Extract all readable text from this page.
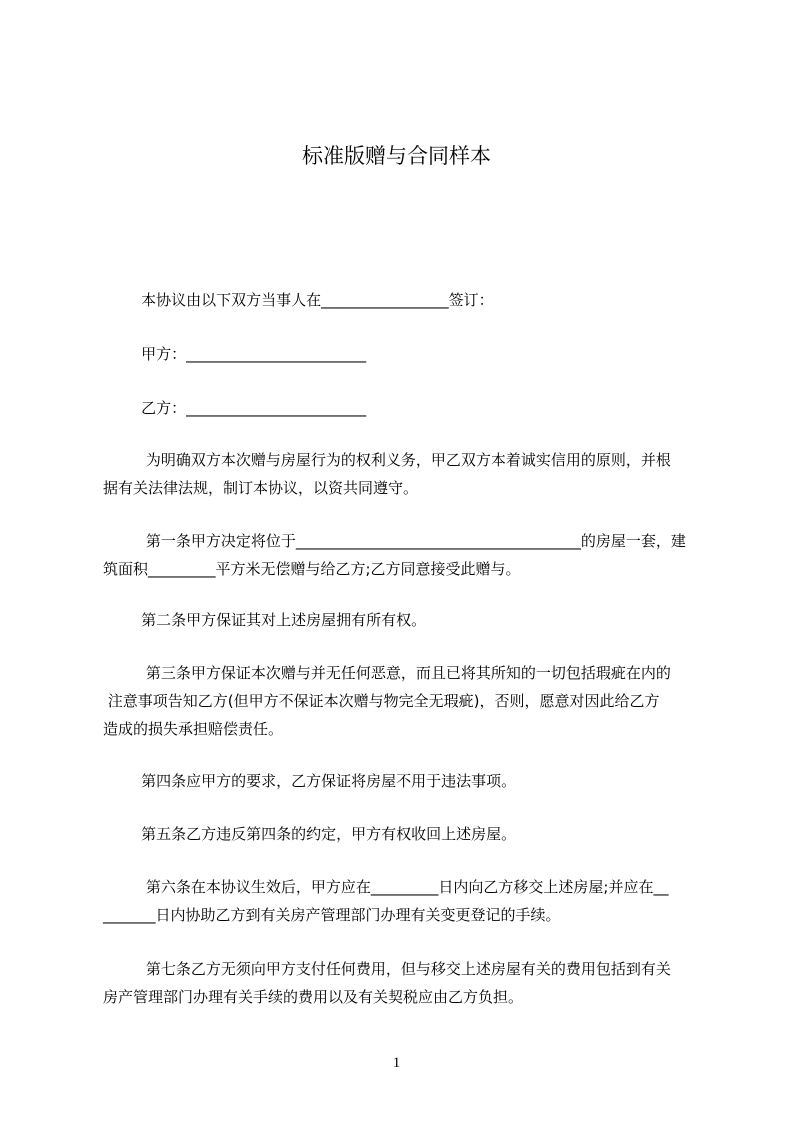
标准版赠与合同样本
本协议由以下双方当事人在_________________签订：
甲方：________________________
乙方：________________________
为明确双方本次赠与房屋行为的权利义务，甲乙双方本着诚实信用的原则，并根
据有关法律法规，制订本协议，以资共同遵守。
第一条甲方决定将位于______________________________________的房屋一套，建
筑面积_________平方米无偿赠与给乙方;乙方同意接受此赠与。
第二条甲方保证其对上述房屋拥有所有权。
第三条甲方保证本次赠与并无任何恶意，而且已将其所知的一切包括瑕疵在内的
注意事项告知乙方(但甲方不保证本次赠与物完全无瑕疵)，否则，愿意对因此给乙方
造成的损失承担赔偿责任。
第四条应甲方的要求，乙方保证将房屋不用于违法事项。
第五条乙方违反第四条的约定，甲方有权收回上述房屋。
第六条在本协议生效后，甲方应在_________日内向乙方移交上述房屋;并应在__
_______日内协助乙方到有关房产管理部门办理有关变更登记的手续。
第七条乙方无须向甲方支付任何费用，但与移交上述房屋有关的费用包括到有关
房产管理部门办理有关手续的费用以及有关契税应由乙方负担。
1
